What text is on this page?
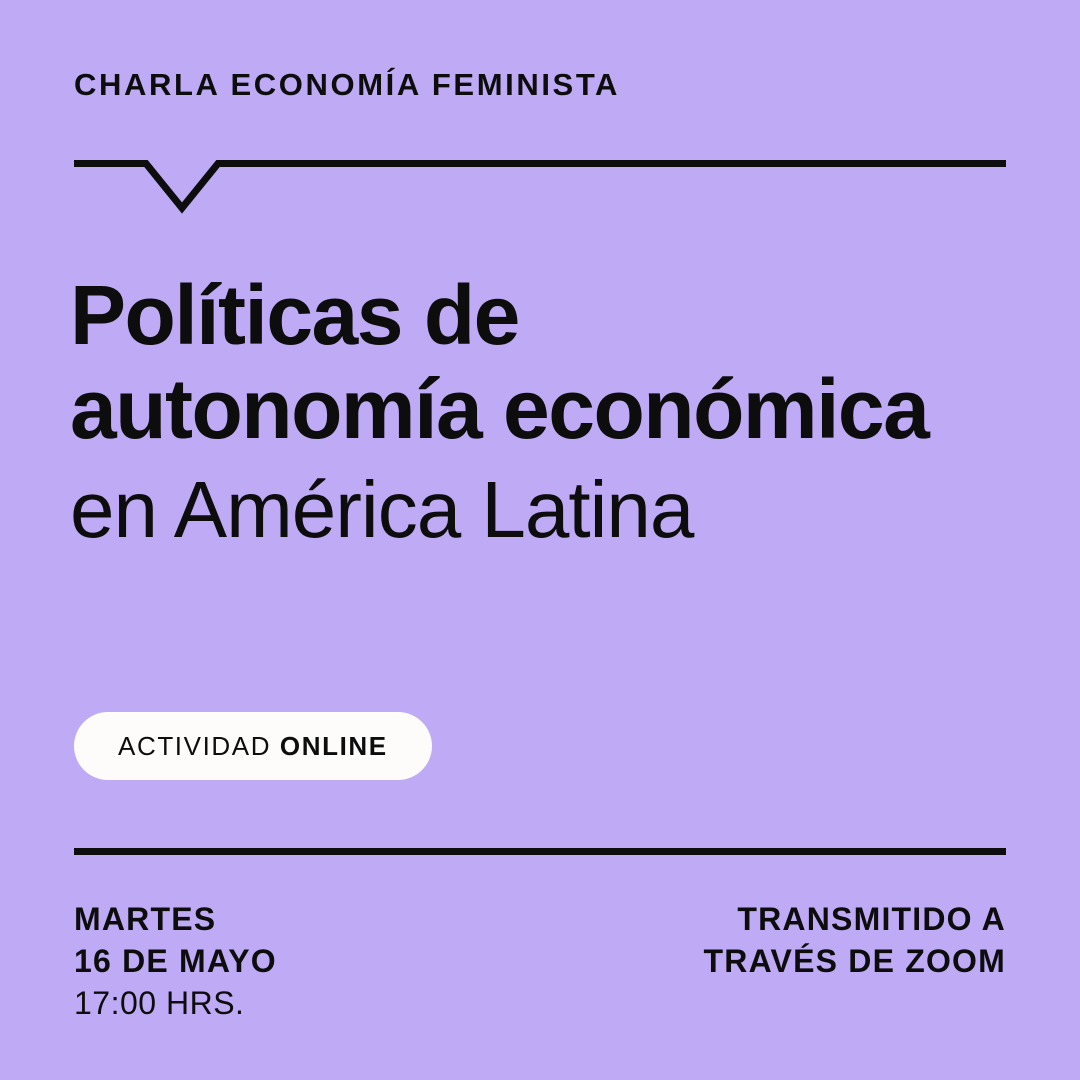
CHARLA ECONOMÍA FEMINISTA
Políticas de
autonomía económica
en América Latina
ACTIVIDAD ONLINE
MARTES
16 DE MAYO
17:00 HRS.
TRANSMITIDO A
TRAVÉS DE ZOOM
